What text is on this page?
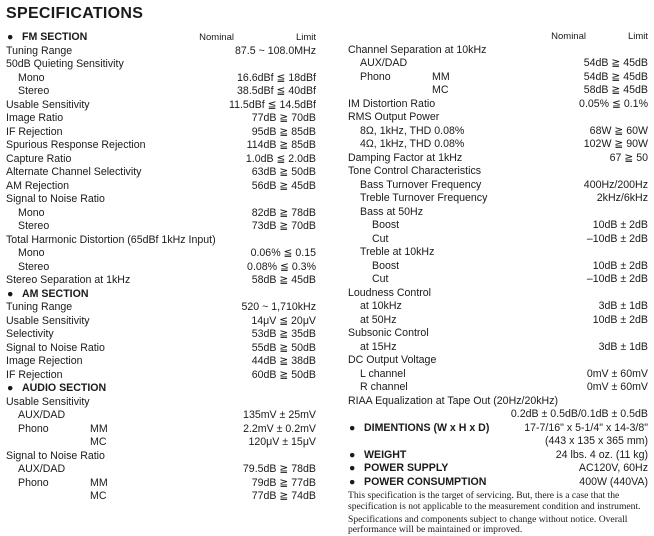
SPECIFICATIONS
● FM SECTION	Nominal	Limit
Tuning Range	87.5 ~ 108.0MHz
50dB Quieting Sensitivity
Mono	16.6dBf ≦ 18dBf
Stereo	38.5dBf ≦ 40dBf
Usable Sensitivity	11.5dBf ≦ 14.5dBf
Image Ratio	77dB ≧ 70dB
IF Rejection	95dB ≧ 85dB
Spurious Response Rejection	114dB ≧ 85dB
Capture Ratio	1.0dB ≦ 2.0dB
Alternate Channel Selectivity	63dB ≧ 50dB
AM Rejection	56dB ≧ 45dB
Signal to Noise Ratio
Mono	82dB ≧ 78dB
Stereo	73dB ≧ 70dB
Total Harmonic Distortion (65dBf 1kHz Input)
Mono	0.06% ≦ 0.15
Stereo	0.08% ≦ 0.3%
Stereo Separation at 1kHz	58dB ≧ 45dB
● AM SECTION
Tuning Range	520 ~ 1,710kHz
Usable Sensitivity	14μV ≦ 20μV
Selectivity	53dB ≧ 35dB
Signal to Noise Ratio	55dB ≧ 50dB
Image Rejection	44dB ≧ 38dB
IF Rejection	60dB ≧ 50dB
● AUDIO SECTION
Usable Sensitivity
AUX/DAD	135mV ± 25mV
Phono	MM	2.2mV ± 0.2mV
MC	120μV ± 15μV
Signal to Noise Ratio
AUX/DAD	79.5dB ≧ 78dB
Phono	MM	79dB ≧ 77dB
MC	77dB ≧ 74dB
Nominal	Limit
Channel Separation at 10kHz
AUX/DAD	54dB ≧ 45dB
Phono	MM	54dB ≧ 45dB
MC	58dB ≧ 45dB
IM Distortion Ratio	0.05% ≦ 0.1%
RMS Output Power
8Ω, 1kHz, THD 0.08%	68W ≧ 60W
4Ω, 1kHz, THD 0.08%	102W ≧ 90W
Damping Factor at 1kHz	67 ≧ 50
Tone Control Characteristics
Bass Turnover Frequency	400Hz/200Hz
Treble Turnover Frequency	2kHz/6kHz
Bass at 50Hz
Boost	10dB ± 2dB
Cut	–10dB ± 2dB
Treble at 10kHz
Boost	10dB ± 2dB
Cut	–10dB ± 2dB
Loudness Control
at 10kHz	3dB ± 1dB
at 50Hz	10dB ± 2dB
Subsonic Control
at 15Hz	3dB ± 1dB
DC Output Voltage
L channel	0mV ± 60mV
R channel	0mV ± 60mV
RIAA Equalization at Tape Out (20Hz/20kHz)
0.2dB ± 0.5dB/0.1dB ± 0.5dB
● DIMENTIONS (W x H x D)	17-7/16" x 5-1/4" x 14-3/8"
(443 x 135 x 365 mm)
● WEIGHT	24 lbs. 4 oz. (11 kg)
● POWER SUPPLY	AC120V, 60Hz
● POWER CONSUMPTION	400W (440VA)
This specification is the target of servicing. But, there is a case that the specification is not applicable to the measurement condition and instrument.
Specifications and components subject to change without notice. Overall performance will be maintained or improved.
